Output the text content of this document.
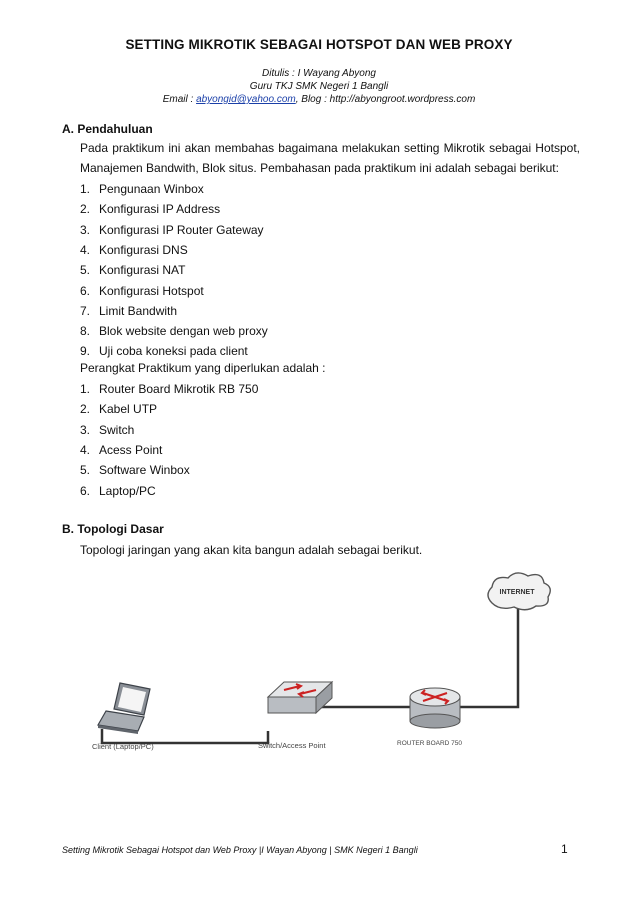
SETTING MIKROTIK SEBAGAI HOTSPOT DAN WEB PROXY
Ditulis : I Wayang Abyong
Guru TKJ SMK Negeri 1 Bangli
Email : abyongid@yahoo.com, Blog : http://abyongroot.wordpress.com
A. Pendahuluan
Pada praktikum ini akan membahas bagaimana melakukan setting Mikrotik sebagai Hotspot,
Manajemen Bandwith, Blok situs. Pembahasan pada praktikum ini adalah sebagai berikut:
1. Pengunaan Winbox
2. Konfigurasi IP Address
3. Konfigurasi IP Router Gateway
4. Konfigurasi DNS
5. Konfigurasi NAT
6. Konfigurasi Hotspot
7. Limit Bandwith
8. Blok website dengan web proxy
9. Uji coba koneksi pada client
Perangkat Praktikum yang diperlukan adalah :
1. Router Board Mikrotik RB 750
2. Kabel UTP
3. Switch
4. Acess Point
5. Software Winbox
6. Laptop/PC
B. Topologi Dasar
Topologi jaringan yang akan kita bangun adalah sebagai berikut.
INTERNET
Client (Laptop/PC)	Switch/Access Point	ROUTER BOARD 750
Setting Mikrotik Sebagai Hotspot dan Web Proxy |I Wayan Abyong | SMK Negeri 1 Bangli	1
